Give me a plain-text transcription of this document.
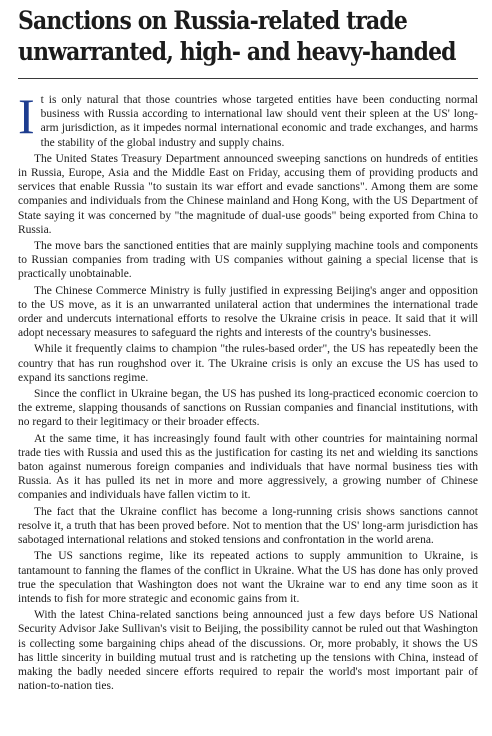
Sanctions on Russia-related trade unwarranted, high- and heavy-handed

It is only natural that those countries whose targeted entities have been conducting normal business with Russia according to international law should vent their spleen at the US' long-arm jurisdiction, as it impedes normal international economic and trade exchanges, and harms the stability of the global industry and supply chains.

The United States Treasury Department announced sweeping sanctions on hundreds of entities in Russia, Europe, Asia and the Middle East on Friday, accusing them of providing products and services that enable Russia "to sustain its war effort and evade sanctions". Among them are some companies and individuals from the Chinese mainland and Hong Kong, with the US Department of State saying it was concerned by "the magnitude of dual-use goods" being exported from China to Russia.

The move bars the sanctioned entities that are mainly supplying machine tools and components to Russian companies from trading with US companies without gaining a special license that is practically unobtainable.

The Chinese Commerce Ministry is fully justified in expressing Beijing's anger and opposition to the US move, as it is an unwarranted unilateral action that undermines the international trade order and undercuts international efforts to resolve the Ukraine crisis in peace. It said that it will adopt necessary measures to safeguard the rights and interests of the country's businesses.

While it frequently claims to champion "the rules-based order", the US has repeatedly been the country that has run roughshod over it. The Ukraine crisis is only an excuse the US has used to expand its sanctions regime.

Since the conflict in Ukraine began, the US has pushed its long-practiced economic coercion to the extreme, slapping thousands of sanctions on Russian companies and financial institutions, with no regard to their legitimacy or their broader effects.

At the same time, it has increasingly found fault with other countries for maintaining normal trade ties with Russia and used this as the justification for casting its net and wielding its sanctions baton against numerous foreign companies and individuals that have normal business ties with Russia. As it has pulled its net in more and more aggressively, a growing number of Chinese companies and individuals have fallen victim to it.

The fact that the Ukraine conflict has become a long-running crisis shows sanctions cannot resolve it, a truth that has been proved before. Not to mention that the US' long-arm jurisdiction has sabotaged international relations and stoked tensions and confrontation in the world arena.

The US sanctions regime, like its repeated actions to supply ammunition to Ukraine, is tantamount to fanning the flames of the conflict in Ukraine. What the US has done has only proved true the speculation that Washington does not want the Ukraine war to end any time soon as it intends to fish for more strategic and economic gains from it.

With the latest China-related sanctions being announced just a few days before US National Security Advisor Jake Sullivan's visit to Beijing, the possibility cannot be ruled out that Washington is collecting some bargaining chips ahead of the discussions. Or, more probably, it shows the US has little sincerity in building mutual trust and is ratcheting up the tensions with China, instead of making the badly needed sincere efforts required to repair the world's most important pair of nation-to-nation ties.
